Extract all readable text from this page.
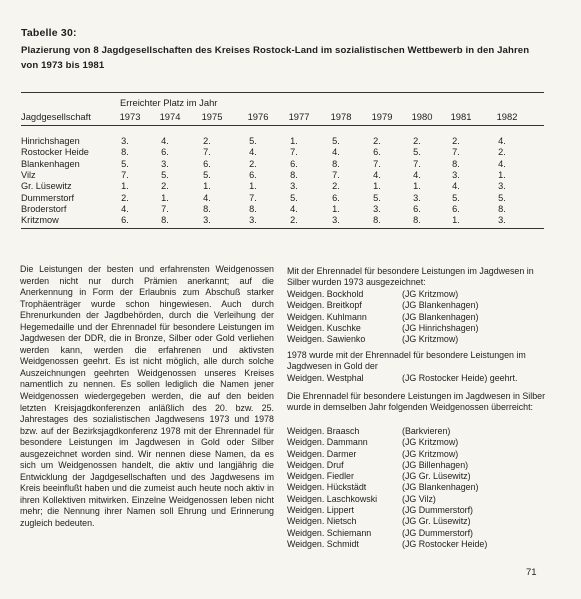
Tabelle 30:
Plazierung von 8 Jagdgesellschaften des Kreises Rostock-Land im sozialistischen Wettbewerb in den Jahren von 1973 bis 1981
Erreichter Platz im Jahr
Jagdgesellschaft	1973	1974	1975	1976	1977	1978	1979	1980	1981	1982
Hinrichshagen	3.	4.	2.	5.	1.	5.	2.	2.	2.	4.
Rostocker Heide	8.	6.	7.	4.	7.	4.	6.	5.	7.	2.
Blankenhagen	5.	3.	6.	2.	6.	8.	7.	7.	8.	4.
Vilz	7.	5.	5.	6.	8.	7.	4.	4.	3.	1.
Gr. Lüsewitz	1.	2.	1.	1.	3.	2.	1.	1.	4.	3.
Dummerstorf	2.	1.	4.	7.	5.	6.	5.	3.	5.	5.
Broderstorf	4.	7.	8.	8.	4.	1.	3.	6.	6.	8.
Kritzmow	6.	8.	3.	3.	2.	3.	8.	8.	1.	3.

Die Leistungen der besten und erfahrensten Weidgenossen werden nicht nur durch Prämien anerkannt; auf die Anerkennung in Form der Erlaubnis zum Abschuß starker Trophäenträger wurde schon hingewiesen. Auch durch Ehrenurkunden der Jagdbehörden, durch die Verleihung der Hegemedaille und der Ehrennadel für besondere Leistungen im Jagdwesen der DDR, die in Bronze, Silber oder Gold verliehen werden kann, werden die erfahrenen und aktivsten Weidgenossen geehrt. Es ist nicht möglich, alle durch solche Auszeichnungen geehrten Weidgenossen unseres Kreises namentlich zu nennen. Es sollen lediglich die Namen jener Weidgenossen wiedergegeben werden, die auf den beiden letzten Kreisjagdkonferenzen anläßlich des 20. bzw. 25. Jahrestages des sozialistischen Jagdwesens 1973 und 1978 bzw. auf der Bezirksjagdkonferenz 1978 mit der Ehrennadel für besondere Leistungen im Jagdwesen in Gold oder Silber ausgezeichnet worden sind. Wir nennen diese Namen, da es sich um Weidgenossen handelt, die aktiv und langjährig die Entwicklung der Jagdgesellschaften und des Jagdwesens im Kreis beeinflußt haben und die zumeist auch heute noch aktiv in ihren Kollektiven mitwirken. Einzelne Weidgenossen leben nicht mehr; die Nennung ihrer Namen soll Ehrung und Erinnerung zugleich bedeuten.

Mit der Ehrennadel für besondere Leistungen im Jagdwesen in Silber wurden 1973 ausgezeichnet:

Weidgen. Bockhold	(JG Kritzmow)
Weidgen. Breitkopf	(JG Blankenhagen)
Weidgen. Kuhlmann	(JG Blankenhagen)
Weidgen. Kuschke	(JG Hinrichshagen)
Weidgen. Sawienko	(JG Kritzmow)

1978 wurde mit der Ehrennadel für besondere Leistungen im Jagdwesen in Gold der

Weidgen. Westphal	(JG Rostocker Heide) geehrt.

Die Ehrennadel für besondere Leistungen im Jagdwesen in Silber wurde in demselben Jahr folgenden Weidgenossen überreicht:

Weidgen. Braasch	(Barkvieren)
Weidgen. Dammann	(JG Kritzmow)
Weidgen. Darmer	(JG Kritzmow)
Weidgen. Druf	(JG Billenhagen)
Weidgen. Fiedler	(JG Gr. Lüsewitz)
Weidgen. Hückstädt	(JG Blankenhagen)
Weidgen. Laschkowski	(JG Vilz)
Weidgen. Lippert	(JG Dummerstorf)
Weidgen. Nietsch	(JG Gr. Lüsewitz)
Weidgen. Schiemann	(JG Dummerstorf)
Weidgen. Schmidt	(JG Rostocker Heide)
71
